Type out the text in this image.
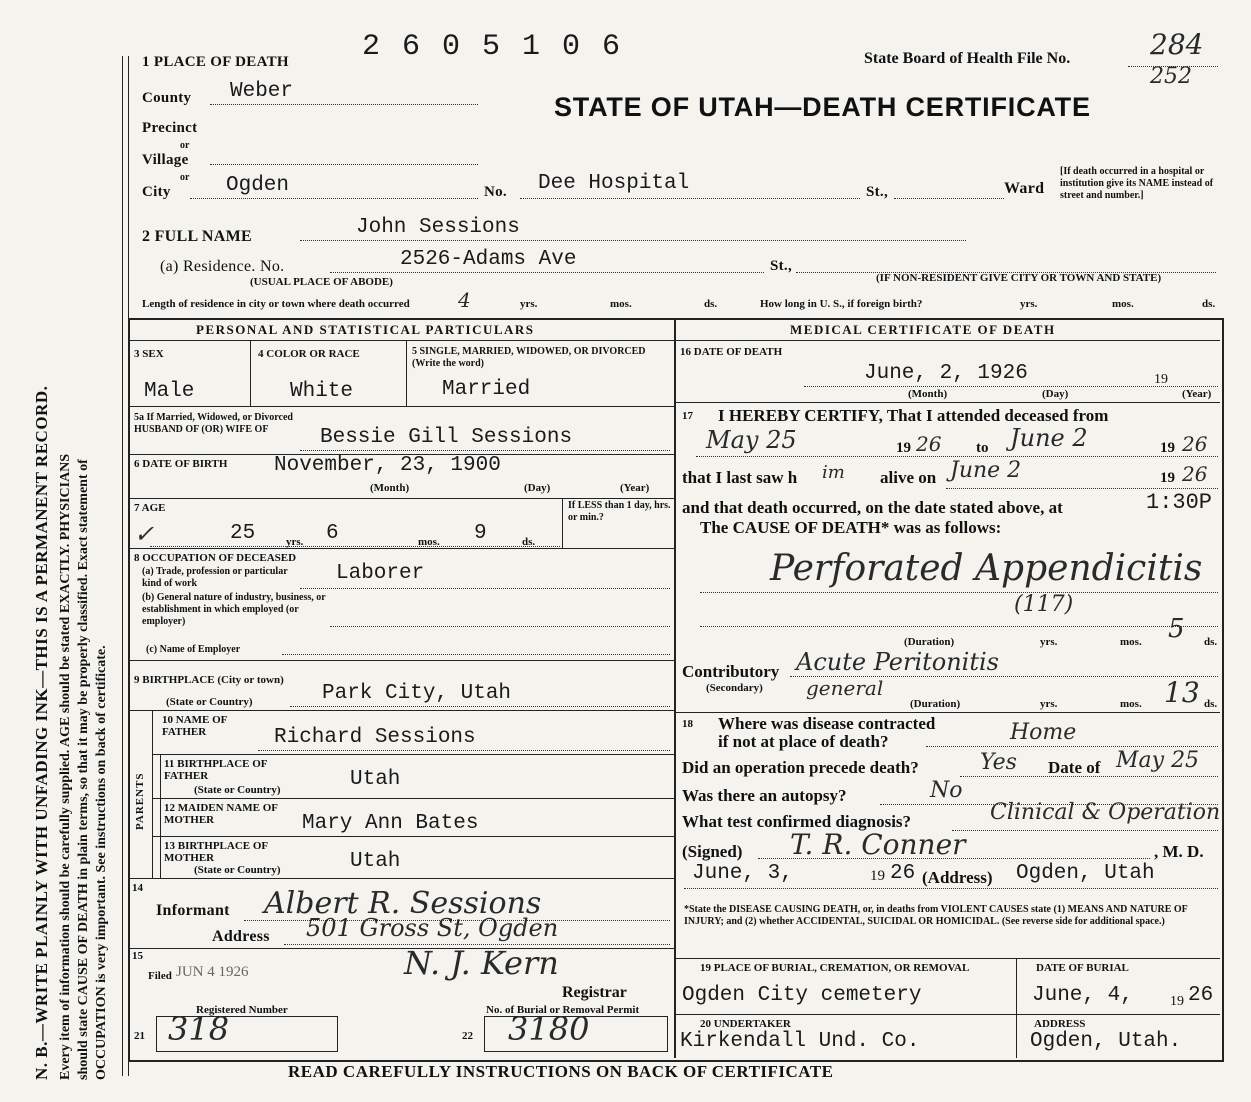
N. B.—WRITE PLAINLY WITH UNFADING INK—THIS IS A PERMANENT RECORD. Every item of information should be carefully supplied. AGE should be stated EXACTLY. PHYSICIANS should state CAUSE OF DEATH in plain terms, so that it may be properly classified. Exact statement of OCCUPATION is very important. See instructions on back of certificate.
1 PLACE OF DEATH 2 6 0 5 1 0 6	State Board of Health File No.	284
252
STATE OF UTAH—DEATH CERTIFICATE
County Weber
Precinct
or
Village
or
City	Ogden	No. Dee Hospital	St.,	Ward
[If death occurred in a hospital or institution give its NAME instead of street and number.]
2 FULL NAME	John Sessions
(a) Residence. No.	2526-Adams Ave	St.,
(USUAL PLACE OF ABODE)	(IF NON-RESIDENT GIVE CITY OR TOWN AND STATE)
Length of residence in city or town where death occurred 4	yrs.	mos.	ds.	How long in U. S., if foreign birth?	yrs.	mos.	ds.
PERSONAL AND STATISTICAL PARTICULARS
3 SEX
Male
4 COLOR OR RACE
White
5 SINGLE, MARRIED, WIDOWED, OR DIVORCED (Write the word)
Married
5a If Married, Widowed, or Divorced HUSBAND OF (OR) WIFE OF	Bessie Gill Sessions
6 DATE OF BIRTH November, 23, 1900
(Month)	(Day)	(Year)
7 AGE
✓	25	yrs. 6	mos. 9	ds.
If LESS than 1 day, hrs. or min.?
8 OCCUPATION OF DECEASED
(a) Trade, profession or particular kind of work	Laborer
(b) General nature of industry, business, or establishment in which employed (or employer)
(c) Name of Employer
9 BIRTHPLACE (City or town)
(State or Country)	Park City, Utah
PARENTS
10 NAME OF FATHER	Richard Sessions
11 BIRTHPLACE OF FATHER
(State or Country)	Utah
12 MAIDEN NAME OF MOTHER	Mary Ann Bates
13 BIRTHPLACE OF MOTHER
(State or Country)	Utah
14
Informant Albert R. Sessions
Address 501 Gross St, Ogden
15
Filed JUN 4 1926	N. J. Kern
Registrar
Registered Number
21 318	No. of Burial or Removal Permit
22 3180
MEDICAL CERTIFICATE OF DEATH
16 DATE OF DEATH
June, 2, 1926	19
(Month)	(Day)	(Year)
17 I HEREBY CERTIFY, That I attended deceased from
May 25	19 26 to June 2	19 26
that I last saw h im alive on June 2	19 26
and that death occurred, on the date stated above, at	1:30P
The CAUSE OF DEATH* was as follows:
Perforated Appendicitis
(117)
(Duration)	yrs.	mos. 5 ds.
Contributory
(Secondary)
Acute Peritonitis
general
(Duration)	yrs.	mos. 13 ds.
18 Where was disease contracted
if not at place of death?	Home
Did an operation precede death?	Yes Date of May 25
Was there an autopsy?	No
What test confirmed diagnosis?	Clinical & Operation
(Signed) T. R. Conner	, M. D.
June, 3,	19 26 (Address) Ogden, Utah
*State the DISEASE CAUSING DEATH, or, in deaths from VIOLENT CAUSES state (1) MEANS AND NATURE OF INJURY; and (2) whether ACCIDENTAL, SUICIDAL OR HOMICIDAL. (See reverse side for additional space.)
19 PLACE OF BURIAL, CREMATION, OR REMOVAL
Ogden City cemetery
DATE OF BURIAL
June, 4,	19 26
20 UNDERTAKER
Kirkendall Und. Co.
ADDRESS
Ogden, Utah.
READ CAREFULLY INSTRUCTIONS ON BACK OF CERTIFICATE
